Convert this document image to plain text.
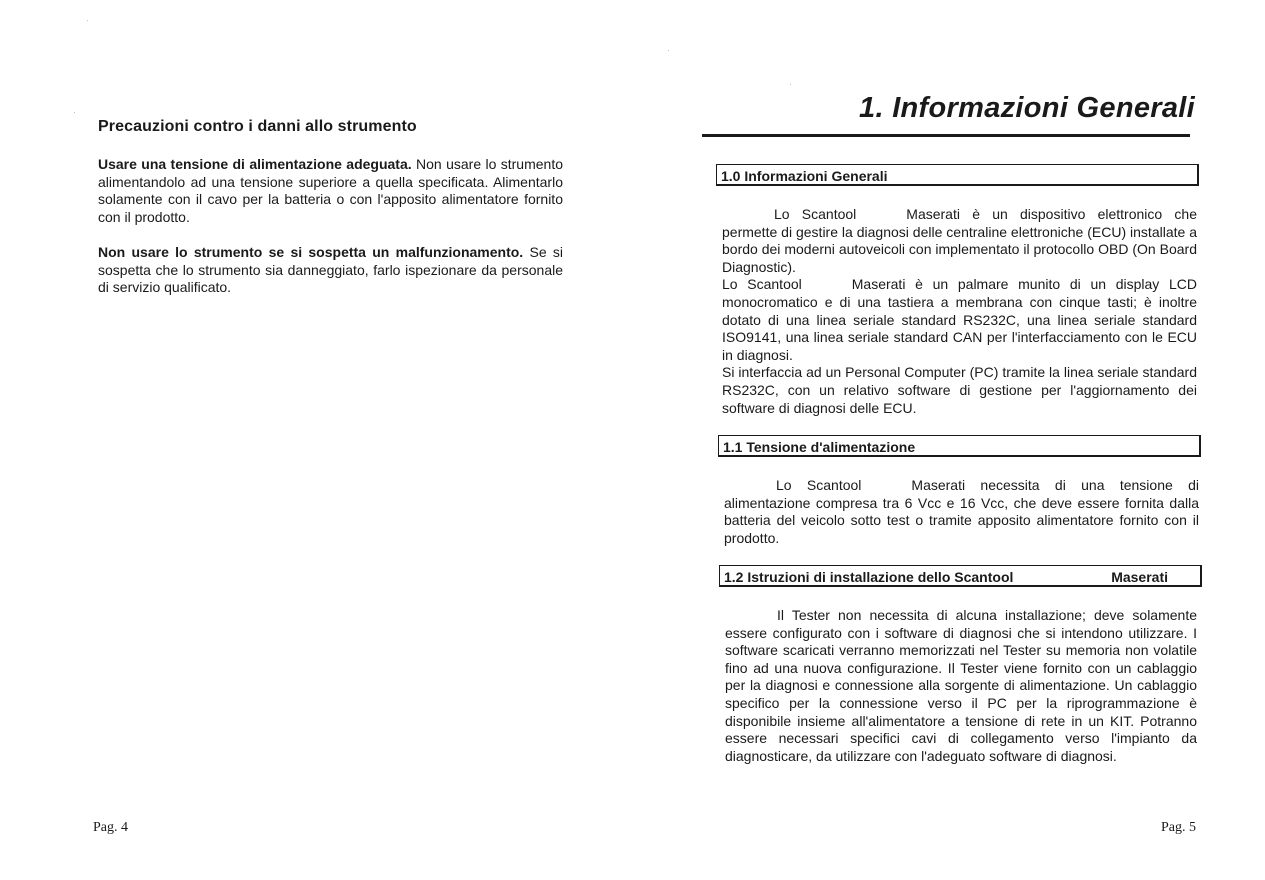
Precauzioni contro i danni allo strumento

Usare una tensione di alimentazione adeguata. Non usare lo strumento alimentandolo ad una tensione superiore a quella specificata. Alimentarlo solamente con il cavo per la batteria o con l'apposito alimentatore fornito con il prodotto.

Non usare lo strumento se si sospetta un malfunzionamento. Se si sospetta che lo strumento sia danneggiato, farlo ispezionare da personale di servizio qualificato.

Pag. 4

1. Informazioni Generali
1.0 Informazioni Generali

Lo Scantool	Maserati è un dispositivo elettronico che permette di gestire la diagnosi delle centraline elettroniche (ECU) installate a bordo dei moderni autoveicoli con implementato il protocollo OBD (On Board Diagnostic).
Lo Scantool	Maserati è un palmare munito di un display LCD monocromatico e di una tastiera a membrana con cinque tasti; è inoltre dotato di una linea seriale standard RS232C, una linea seriale standard ISO9141, una linea seriale standard CAN per l'interfacciamento con le ECU in diagnosi.
Si interfaccia ad un Personal Computer (PC) tramite la linea seriale standard RS232C, con un relativo software di gestione per l'aggiornamento dei software di diagnosi delle ECU.

1.1 Tensione d'alimentazione

Lo Scantool	Maserati necessita di una tensione di alimentazione compresa tra 6 Vcc e 16 Vcc, che deve essere fornita dalla batteria del veicolo sotto test o tramite apposito alimentatore fornito con il prodotto.

1.2 Istruzioni di installazione dello Scantool	Maserati

Il Tester non necessita di alcuna installazione; deve solamente essere configurato con i software di diagnosi che si intendono utilizzare. I software scaricati verranno memorizzati nel Tester su memoria non volatile fino ad una nuova configurazione. Il Tester viene fornito con un cablaggio per la diagnosi e connessione alla sorgente di alimentazione. Un cablaggio specifico per la connessione verso il PC per la riprogrammazione è disponibile insieme all'alimentatore a tensione di rete in un KIT. Potranno essere necessari specifici cavi di collegamento verso l'impianto da diagnosticare, da utilizzare con l'adeguato software di diagnosi.

Pag. 5
